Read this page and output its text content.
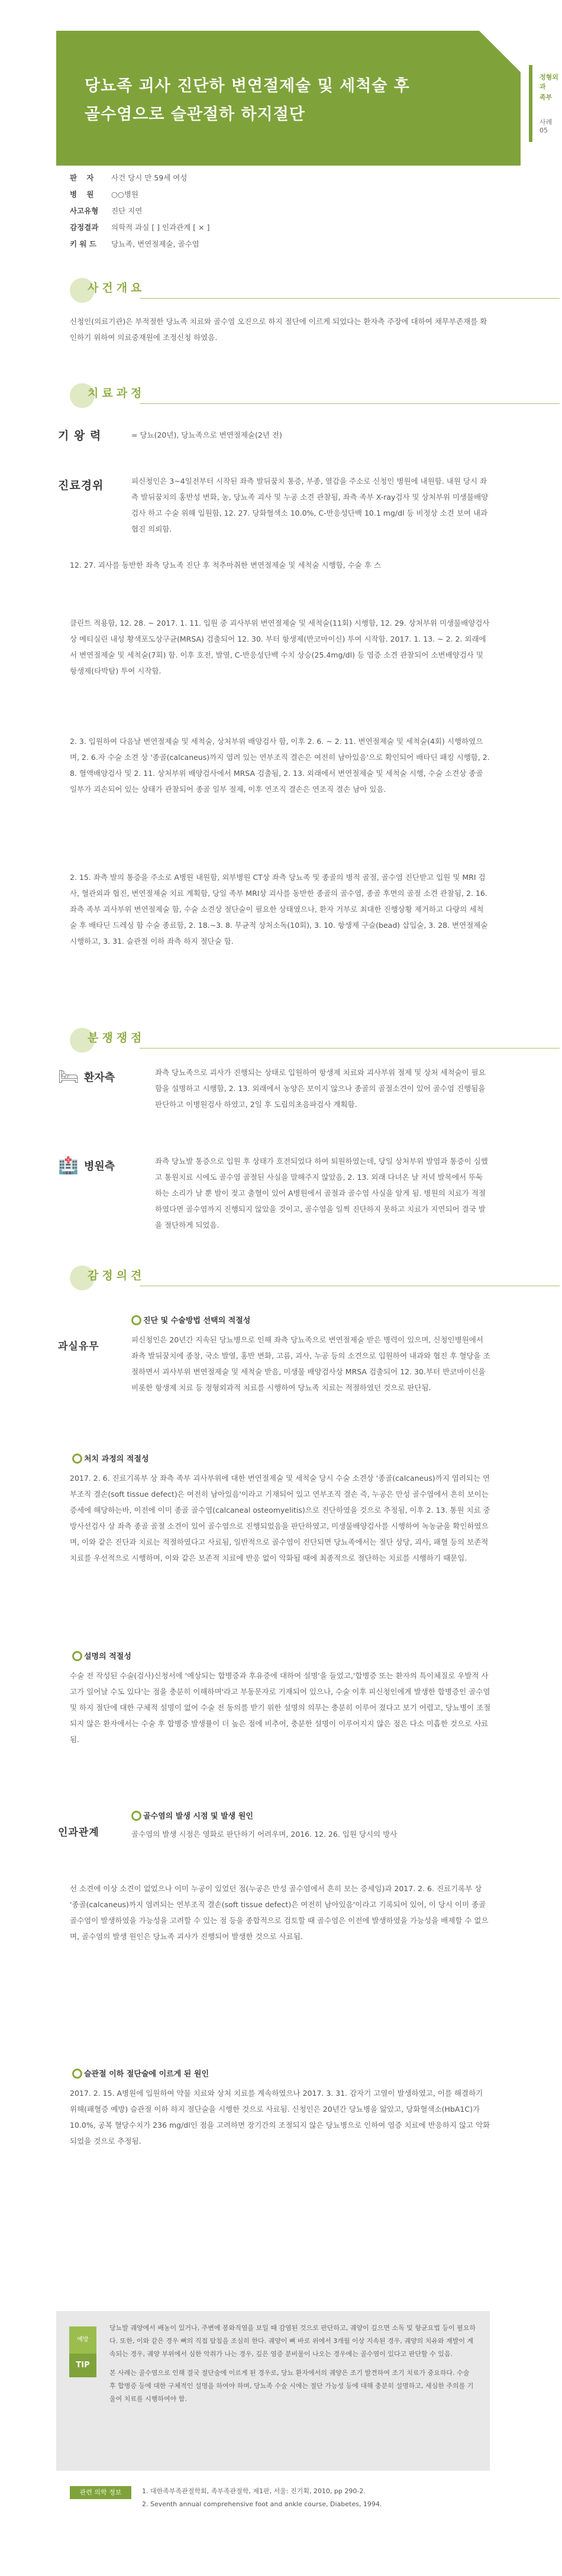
당뇨족 괴사 진단하 변연절제술 및 세척술 후
골수염으로 슬관절하 하지절단
정형외과
족부
사례 05
판 자	사건 당시 만 59세 여성
병 원	○○병원
사고유형	진단 지연
감정결과	의학적 과실 [ ] 인과관계 [ × ]
키 워 드	당뇨족, 변연절제술, 골수염
사건개요
신청인(의료기관)은 부적절한 당뇨족 치료와 골수염 오진으로 하지 절단에 이르게 되었다는 환자측 주장에 대하여 채무부존재를 확인하기 위하여 의료중재원에 조정신청 하였음.
치료과정
기 왕 력	= 당뇨(20년), 당뇨족으로 변연절제술(2년 전)
진료경위	피신청인은 3∼4일전부터 시작된 좌측 발뒤꿈치 통증, 부종, 열감을 주소로 신청인 병원에 내원함. 내원 당시 좌측 발뒤꿈치의 홍반성 변화, 농, 당뇨족 괴사 및 누공 소견 관찰됨, 좌측 족부 X-ray검사 및 상처부위 미생물배양검사 하고 수술 위해 입원함, 12. 27. 당화혈색소 10.0%, C-반응성단백 10.1 mg/dl 등 비정상 소견 보여 내과 협진 의뢰함.
12. 27. 괴사를 동반한 좌측 당뇨족 진단 후 척추마취한 변연절제술 및 세척술 시행함, 수술 후 스
클린트 적용함, 12. 28. ∼ 2017. 1. 11. 입원 중 괴사부위 변연절제술 및 세척술(11회) 시행함, 12. 29. 상처부위 미생물배양검사상 메티실린 내성 황색포도상구균(MRSA) 검출되어 12. 30. 부터 항생제(반코마이신) 투여 시작함. 2017. 1. 13. ∼ 2. 2. 외래에서 변연절제술 및 세척술(7회) 함. 이후 호전, 발열, C-반응성단백 수치 상승(25.4mg/dl) 등 염증 소견 관찰되어 소변배양검사 및 항생제(타박탐) 투여 시작함.
2. 3. 입원하여 다음날 변연절제술 및 세척술, 상처부위 배양검사 함, 이후 2. 6. ∼ 2. 11. 변연절제술 및 세척술(4회) 시행하였으며, 2. 6.자 수술 소견 상 '종골(calcaneus)까지 염려 있는 연부조직 결손은 여전히 남아있음'으로 확인되어 배타딘 패킹 시행함, 2. 8. 혈액배양검사 및 2. 11. 상처부위 배양검사에서 MRSA 검출됨, 2. 13. 외래에서 변연절제술 및 세척술 시행, 수술 소견상 종골 일부가 괴손되어 있는 상태가 관찰되어 종골 일부 절제, 이후 연조직 결손은 연조직 결손 남아 있음.
2. 15. 좌측 발의 통증을 주소로 A병원 내원함, 외부병원 CT상 좌측 당뇨족 및 종골의 병적 골절, 골수염 진단받고 입원 및 MRI 검사, 혈관외과 협진, 변연절제술 치료 계획함, 당일 족부 MRI상 괴사를 동반한 종골의 골수염, 종골 후면의 골절 소견 관찰됨, 2. 16. 좌측 족부 괴사부위 변연절제술 함, 수술 소견상 절단술이 필요한 상태였으나, 환자 거부로 최대한 진행상황 제거하고 다량의 세척 술 후 배타딘 드레싱 함 수술 종료함, 2. 18.∼3. 8. 무균적 상처소독(10회), 3. 10. 항생제 구슬(bead) 삽입술, 3. 28. 변연절제술 시행하고, 3. 31. 슬관절 이하 좌측 하지 절단술 함.
분쟁쟁점
🛏 환자측	좌측 당뇨족으로 괴사가 진행되는 상태로 입원하여 항생제 치료와 괴사부위 절제 및 상처 세척술이 필요함을 설명하고 시행함, 2. 13. 외래에서 농양은 보이지 않으나 종골의 골절소견이 있어 골수염 진행됨을 판단하고 이병원검사 하였고, 2일 후 도립의초음파검사 계획함.
🏥 병원측	좌측 당뇨발 통증으로 입원 후 상태가 호전되었다 하여 퇴원하였는데, 당일 상처부위 발염과 통증이 심했고 통원치료 시에도 골수염 골절된 사실을 말해주지 않았음, 2. 13. 외래 다녀온 날 저녁 발목에서 뚜둑 하는 소리가 날 뿐 발이 젖고 출혈이 있어 A병원에서 골절과 골수염 사실을 알게 됨. 병원의 치료가 적절하였다면 골수염까지 진행되지 않았을 것이고, 골수염을 일찍 진단하지 못하고 치료가 지연되어 결국 발을 절단하게 되었음.
감정의견
과실유무
진단 및 수술방법 선택의 적절성
피신청인은 20년간 지속된 당뇨병으로 인해 좌측 당뇨족으로 변연절제술 받은 병력이 있으며, 신청인병원에서 좌측 발뒤꿈치에 종창, 국소 발열, 홍반 변화, 고름, 괴사, 누공 등의 소견으로 입원하여 내과와 협진 후 혈당을 조절하면서 괴사부위 변연절제술 및 세척술 받음, 미생물 배양검사상 MRSA 검출되어 12. 30.부터 반코마이신을 비롯한 항생제 치료 등 정형외과적 치료를 시행하여 당뇨족 치료는 적절하였던 것으로 판단됨.
처치 과정의 적절성
2017. 2. 6. 진료기록부 상 좌측 족부 괴사부위에 대한 변연절제술 및 세척술 당시 수술 소견상 '종골(calcaneus)까지 염려되는 연부조직 결손(soft tissue defect)은 여전히 남아있음'이라고 기재되어 있고 연부조직 결손 즉, 누공은 만성 골수염에서 흔히 보이는 증세에 해당하는바, 이전에 이미 종골 골수염(calcaneal osteomyelitis)으로 진단하였을 것으로 추정됨, 이후 2. 13. 통원 치료 중 방사선검사 상 좌측 종골 골절 소견이 있어 골수염으로 진행되었음을 판단하였고, 미생물배양검사를 시행하여 녹농균을 확인하였으며, 이와 같은 진단과 치료는 적절하였다고 사료됨, 일반적으로 골수염이 진단되면 당뇨족에서는 절단 상당, 괴사, 패혈 등의 보존적 치료를 우선적으로 시행하며, 이와 같은 보존적 치료에 반응 없이 악화될 때에 최종적으로 절단하는 치료를 시행하기 때문임.
설명의 적절성
수술 전 작성된 수술(검사)신청서에 '예상되는 합병증과 후유증에 대하여 설명'을 들었고,'합병증 또는 환자의 특이체질로 우발적 사고가 일어날 수도 있다'는 점을 충분히 이해하며'라고 부동문자로 기재되어 있으나, 수술 이후 피신청인에게 발생한 합병증인 골수염 및 하지 절단에 대한 구체적 설명이 없어 수술 전 동의를 받기 위한 설명의 의무는 충분히 이루어 졌다고 보기 어렵고, 당뇨병이 조절되지 않은 환자에서는 수술 후 합병증 발생률이 더 높은 점에 비추어, 충분한 설명이 이루어지지 않은 점은 다소 미흡한 것으로 사료됨.
인과관계
골수염의 발생 시점 및 발생 원인
골수염의 발생 시점은 영화로 판단하기 어려우며, 2016. 12. 26. 입원 당시의 방사
선 소견에 이상 소견이 없었으나 이미 누공이 있었던 점(누공은 만성 골수염에서 흔히 보는 증세임)과 2017. 2. 6. 진료기록부 상 '종골(calcaneus)까지 염려되는 연부조직 결손(soft tissue defect)은 여전히 남아있음'이라고 기록되어 있어, 이 당시 이미 종골 골수염이 발생하였을 가능성을 고려할 수 있는 점 등을 종합적으로 검토할 때 골수염은 이전에 발생하였을 가능성을 배제할 수 없으며, 골수염의 발생 원인은 당뇨족 괴사가 진행되어 발생한 것으로 사료됨.
슬관절 이하 절단술에 이르게 된 원인
2017. 2. 15. A병원에 입원하여 약물 치료와 상처 치료를 계속하였으나 2017. 3. 31. 감자기 고열이 발생하였고, 이를 해결하기 위해(패혈증 예방) 슬관절 이하 하지 절단술을 시행한 것으로 사료됨. 신청인은 20년간 당뇨병을 앓았고, 당화혈색소(HbA1C)가 10.0%, 공복 혈당수치가 236 mg/dl인 점을 고려하면 장기간의 조절되지 않은 당뇨병으로 인하여 염증 치료에 반응하지 않고 악화 되었을 것으로 추정됨.
예방
TIP
당뇨발 궤양에서 배농이 있거나, 주변에 봉와직염을 보일 때 감염된 것으로 판단하고, 궤양이 깊으면 소독 및 항균요법 등이 필요하다. 또한, 이와 같은 경우 뼈의 직접 탐침을 조심히 한다. 궤양이 뼈 바로 위에서 3개월 이상 지속된 경우, 궤양의 치유와 재발이 계속되는 경우, 궤양 부위에서 심한 악취가 나는 경우, 깊은 염증 분비물이 나오는 경우에는 골수염이 있다고 판단할 수 있음.
본 사례는 골수염으로 인해 결국 절단술에 이르게 된 경우로, 당뇨 환자에서의 궤양은 조기 발견하여 조기 치료가 중요하다. 수술 후 합병증 등에 대한 구체적인 설명을 하여야 하며, 당뇨족 수술 시에는 절단 가능성 등에 대해 충분히 설명하고, 세심한 주의를 기울여 치료를 시행하여야 함.
관련 의학 정보	1. 대한족부족관절학회, 족부족관절학, 제1판, 서울: 진기획, 2010, pp 290-2.
2. Seventh annual comprehensive foot and ankle course, Diabetes, 1994.
